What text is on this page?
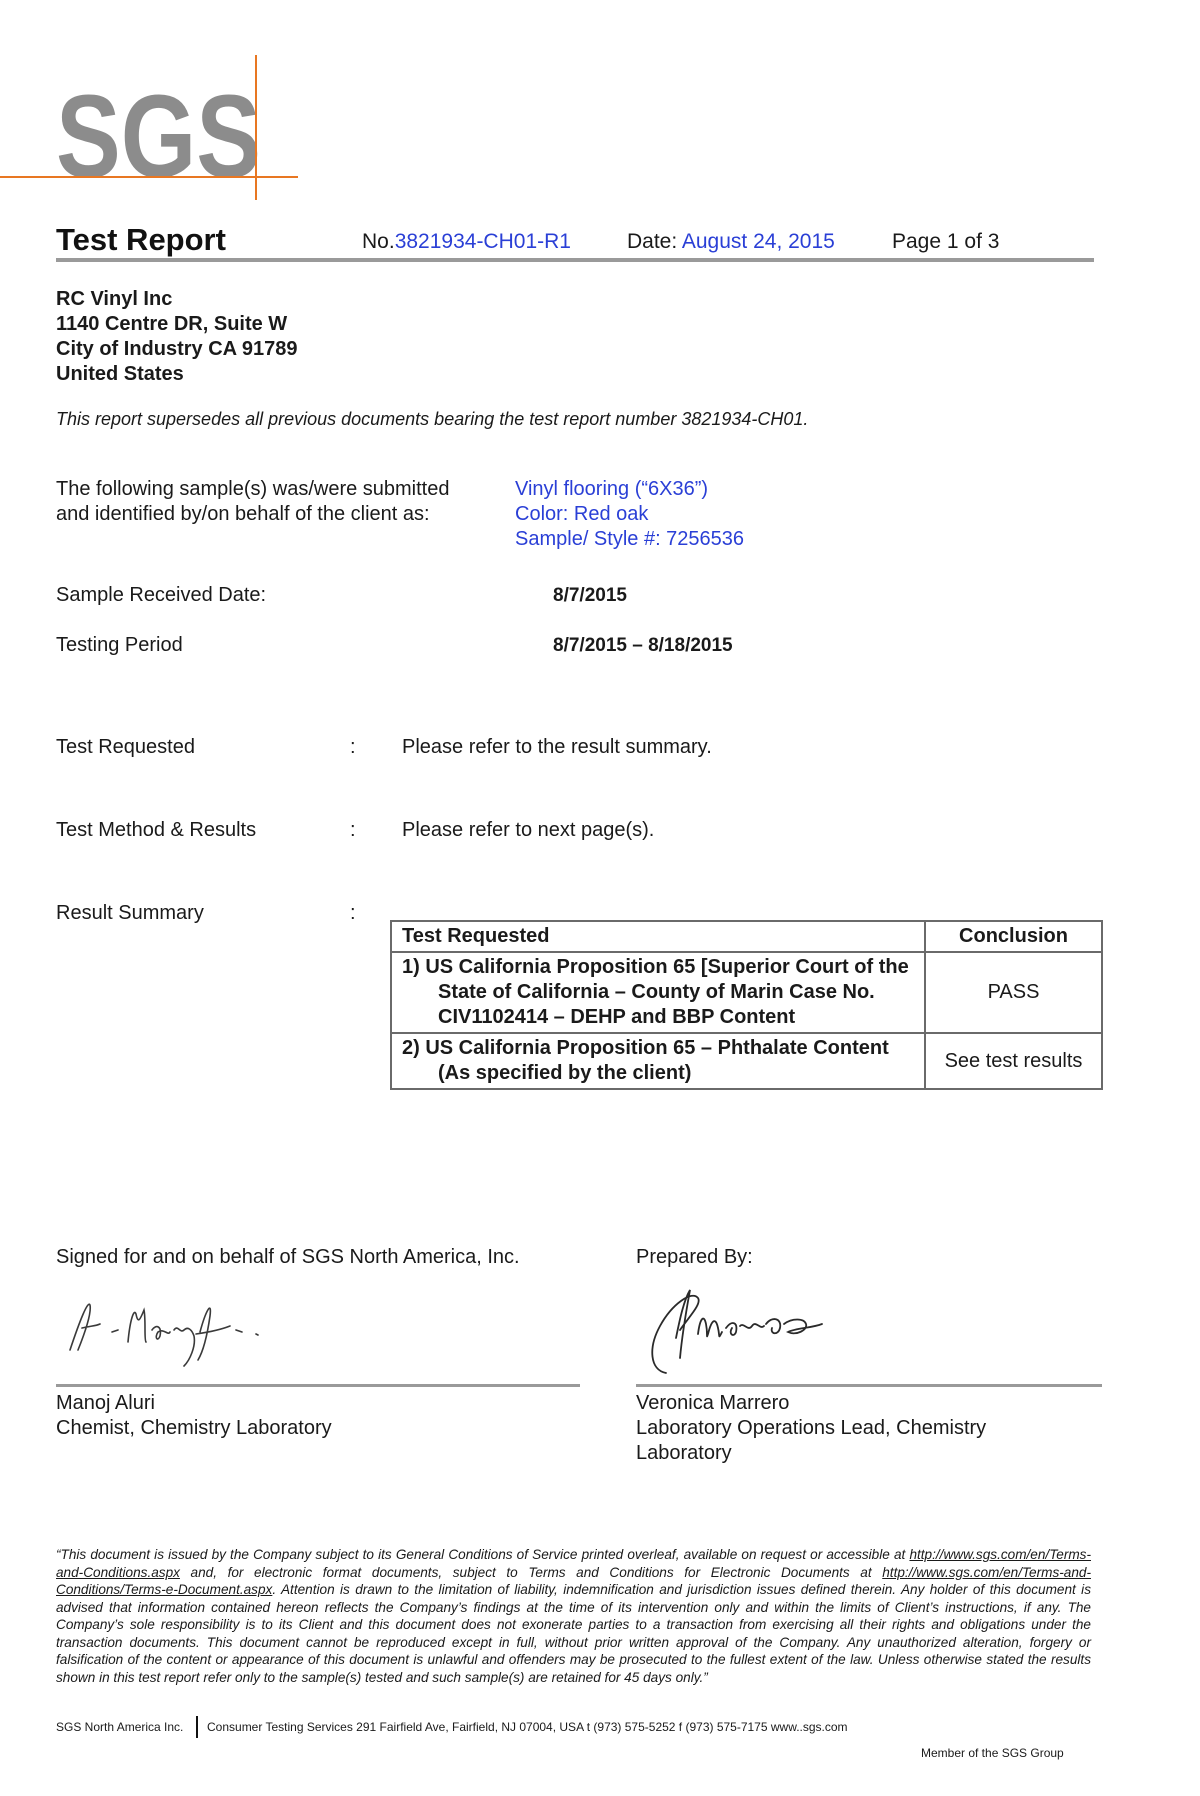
SGS
Test Report	No.3821934-CH01-R1	Date: August 24, 2015	Page 1 of 3
RC Vinyl Inc
1140 Centre DR, Suite W
City of Industry CA 91789
United States
This report supersedes all previous documents bearing the test report number 3821934-CH01.
The following sample(s) was/were submitted
and identified by/on behalf of the client as:
Vinyl flooring (“6X36”)
Color: Red oak
Sample/ Style #: 7256536
Sample Received Date:	8/7/2015
Testing Period	8/7/2015 – 8/18/2015
Test Requested	: Please refer to the result summary.
Test Method & Results	: Please refer to next page(s).
Result Summary	:
Test Requested	Conclusion
1) US California Proposition 65 [Superior Court of the State of California – County of Marin Case No. CIV1102414 – DEHP and BBP Content	PASS
2) US California Proposition 65 – Phthalate Content (As specified by the client)	See test results
Signed for and on behalf of SGS North America, Inc.	Prepared By:
Manoj Aluri
Chemist, Chemistry Laboratory
Veronica Marrero
Laboratory Operations Lead, Chemistry
Laboratory
“This document is issued by the Company subject to its General Conditions of Service printed overleaf, available on request or accessible at http://www.sgs.com/en/Terms-and-Conditions.aspx and, for electronic format documents, subject to Terms and Conditions for Electronic Documents at http://www.sgs.com/en/Terms-and-Conditions/Terms-e-Document.aspx. Attention is drawn to the limitation of liability, indemnification and jurisdiction issues defined therein. Any holder of this document is advised that information contained hereon reflects the Company’s findings at the time of its intervention only and within the limits of Client’s instructions, if any. The Company’s sole responsibility is to its Client and this document does not exonerate parties to a transaction from exercising all their rights and obligations under the transaction documents. This document cannot be reproduced except in full, without prior written approval of the Company. Any unauthorized alteration, forgery or falsification of the content or appearance of this document is unlawful and offenders may be prosecuted to the fullest extent of the law. Unless otherwise stated the results shown in this test report refer only to the sample(s) tested and such sample(s) are retained for 45 days only.”
SGS North America Inc. Consumer Testing Services 291 Fairfield Ave, Fairfield, NJ 07004, USA t (973) 575-5252 f (973) 575-7175 www..sgs.com
Member of the SGS Group
